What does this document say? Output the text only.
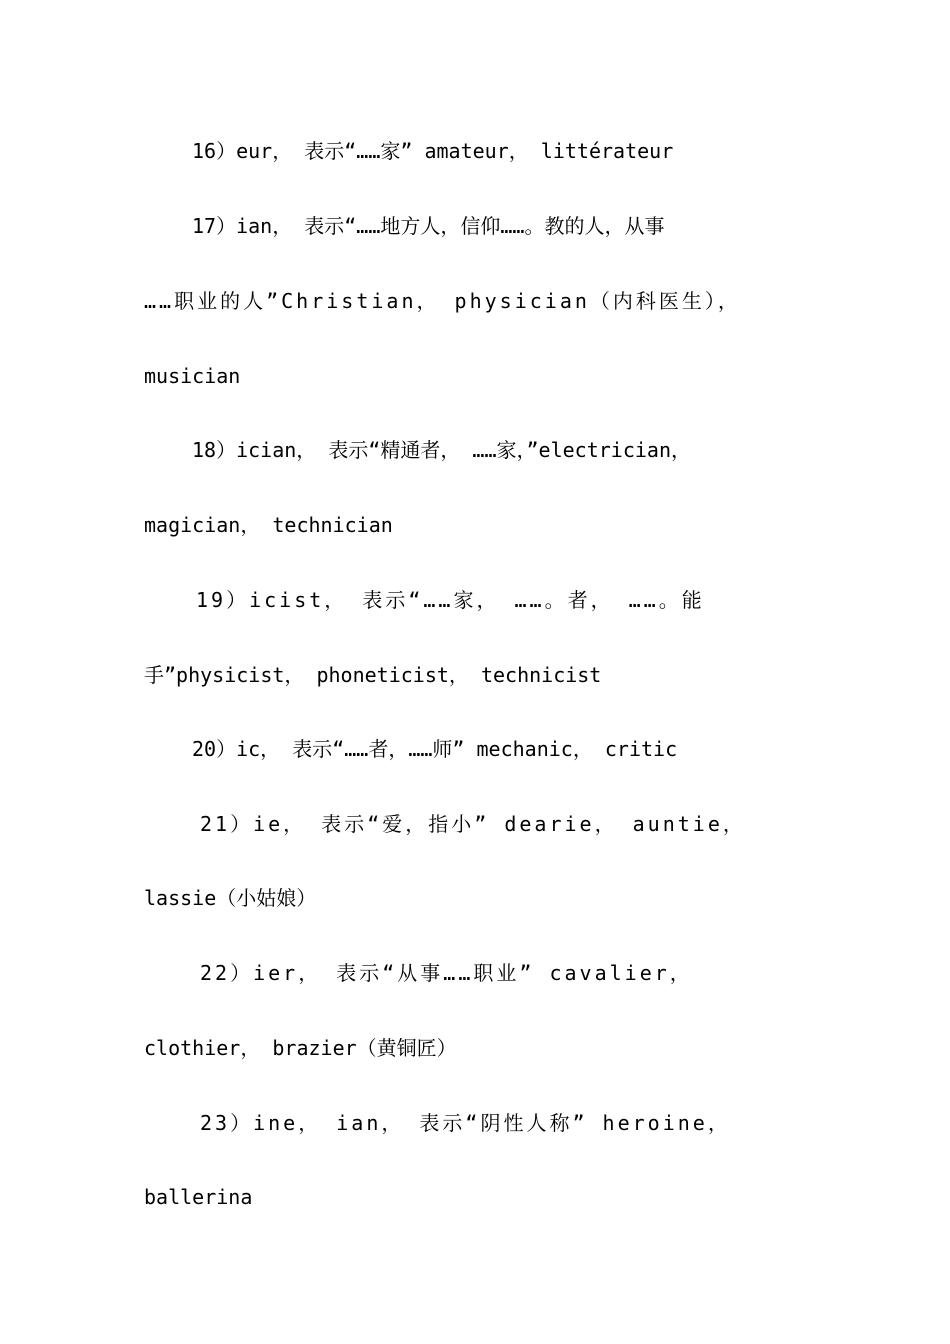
16）eur， 表示“……家” amateur， littérateur
17）ian， 表示“……地方人，信仰……。教的人，从事
……职业的人”Christian， physician（内科医生），
musician
18）ician， 表示“精通者， ……家，”electrician，
magician， technician
19）icist， 表示“……家， ……。者， ……。能
手”physicist， phoneticist， technicist
20）ic， 表示“……者，……师” mechanic， critic
21）ie， 表示“爱，指小” dearie， auntie，
lassie（小姑娘）
22）ier， 表示“从事……职业” cavalier，
clothier， brazier（黄铜匠）
23）ine， ian， 表示“阴性人称” heroine，
ballerina
